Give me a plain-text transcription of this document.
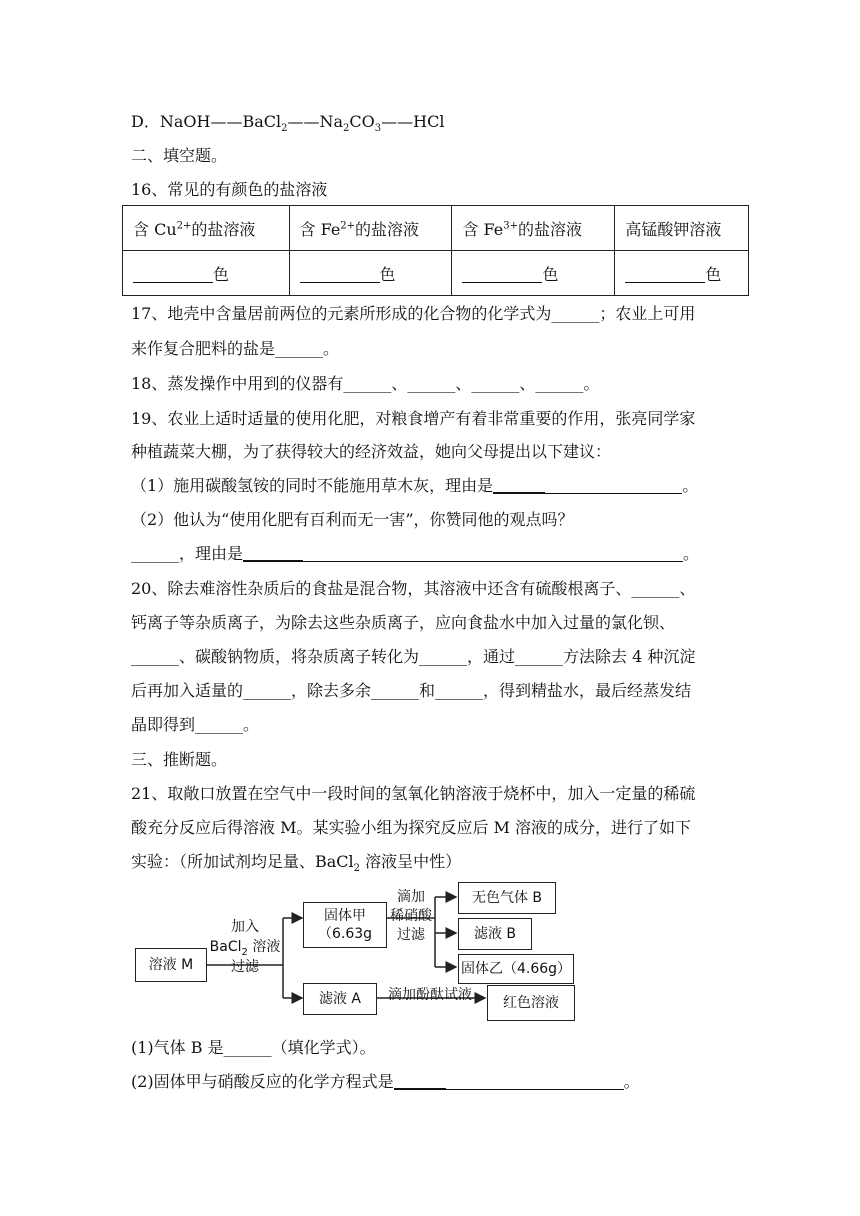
D．$NaOH——BaCl_2——Na_2CO_3——HCl$
二、填空题。
16、常见的有颜色的盐溶液
含 $Cu^{2+}$的盐溶液	含 $Fe^{2+}$的盐溶液	含 $Fe^{3+}$的盐溶液	高锰酸钾溶液
色	色	色	色
17、地壳中含量居前两位的元素所形成的化合物的化学式为______；农业上可用
来作复合肥料的盐是______。
18、蒸发操作中用到的仪器有______、______、______、______。
19、农业上适时适量的使用化肥，对粮食增产有着非常重要的作用，张亮同学家
种植蔬菜大棚，为了获得较大的经济效益，她向父母提出以下建议：
（1）施用碳酸氢铵的同时不能施用草木灰，理由是	。
（2）他认为“使用化肥有百利而无一害”，你赞同他的观点吗？
______，理由是	。
20、除去难溶性杂质后的食盐是混合物，其溶液中还含有硫酸根离子、______、
钙离子等杂质离子，为除去这些杂质离子，应向食盐水中加入过量的氯化钡、
______、碳酸钠物质，将杂质离子转化为______，通过______方法除去 4 种沉淀
后再加入适量的______，除去多余______和______，得到精盐水，最后经蒸发结
晶即得到______。
三、推断题。
21、取敞口放置在空气中一段时间的氢氧化钠溶液于烧杯中，加入一定量的稀硫
酸充分反应后得溶液 M。某实验小组为探究反应后 M 溶液的成分，进行了如下
实验：（所加试剂均足量、BaCl$_2$ 溶液呈中性）
溶液 M
加入
BaCl$_2$ 溶液
过滤
固体甲
（6.63g
滤液 A
滴加
稀硝酸
过滤
无色气体 B
滤液 B
固体乙（4.66g）
滴加酚酞试液	红色溶液
(1)气体 B 是______（填化学式）。
(2)固体甲与硝酸反应的化学方程式是	。
